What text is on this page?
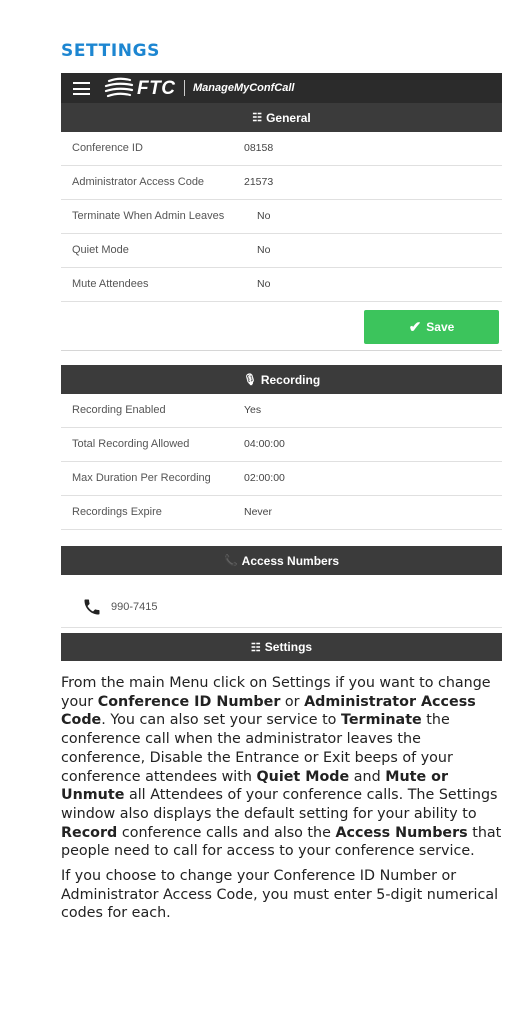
SETTINGS
FTC ManageMyConfCall
☷ General
Conference ID	08158
Administrator Access Code	21573
Terminate When Admin Leaves	No
Quiet Mode	No
Mute Attendees	No
✔ Save
🎙 Recording
Recording Enabled	Yes
Total Recording Allowed	04:00:00
Max Duration Per Recording	02:00:00
Recordings Expire	Never
📞 Access Numbers
990-7415
☷ Settings

From the main Menu click on Settings if you want to change your Conference ID Number or Administrator Access Code. You can also set your service to Terminate the conference call when the administrator leaves the conference, Disable the Entrance or Exit beeps of your conference attendees with Quiet Mode and Mute or Unmute all Attendees of your conference calls. The Settings window also displays the default setting for your ability to Record conference calls and also the Access Numbers that people need to call for access to your conference service.

If you choose to change your Conference ID Number or Administrator Access Code, you must enter 5-digit numerical codes for each.
